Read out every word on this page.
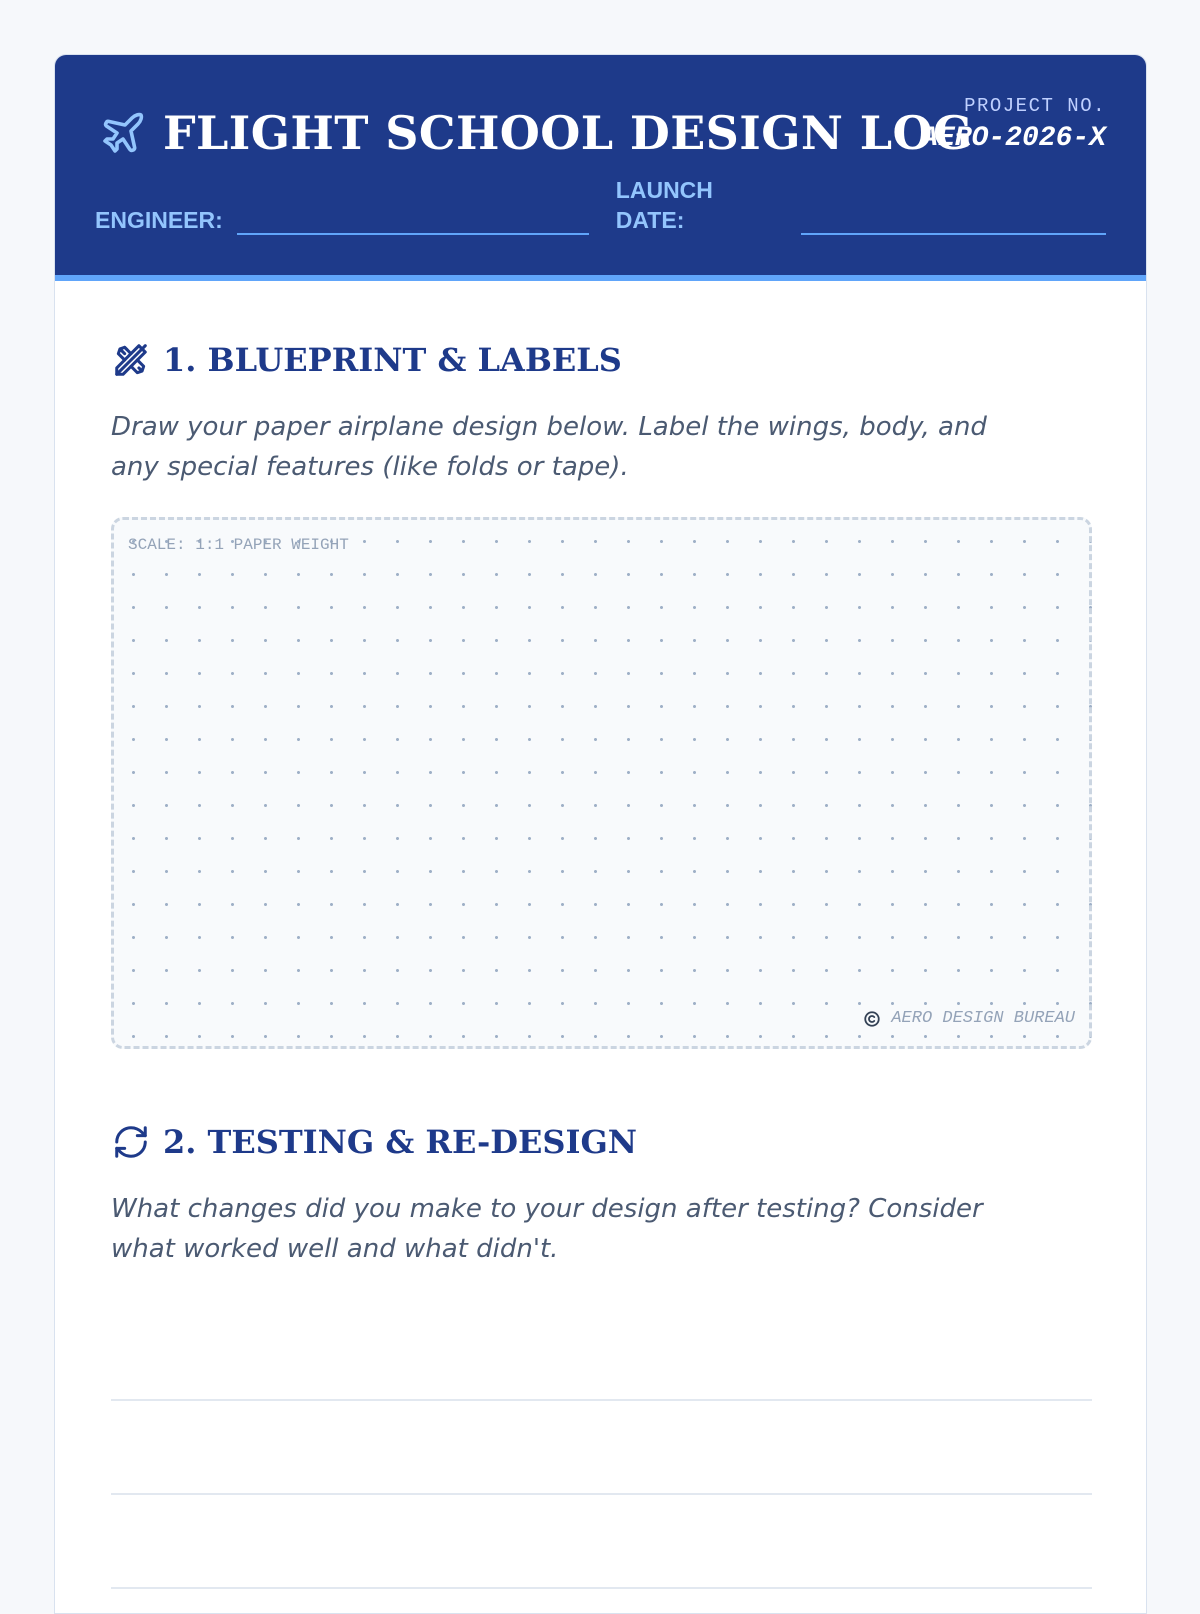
FLIGHT SCHOOL DESIGN LOG
PROJECT NO.
AERO-2026-X
ENGINEER:
LAUNCH DATE:
1. BLUEPRINT & LABELS

Draw your paper airplane design below. Label the wings, body, and any special features (like folds or tape).

SCALE: 1:1 PAPER WEIGHT
AERO DESIGN BUREAU
2. TESTING & RE-DESIGN

What changes did you make to your design after testing? Consider what worked well and what didn't.
